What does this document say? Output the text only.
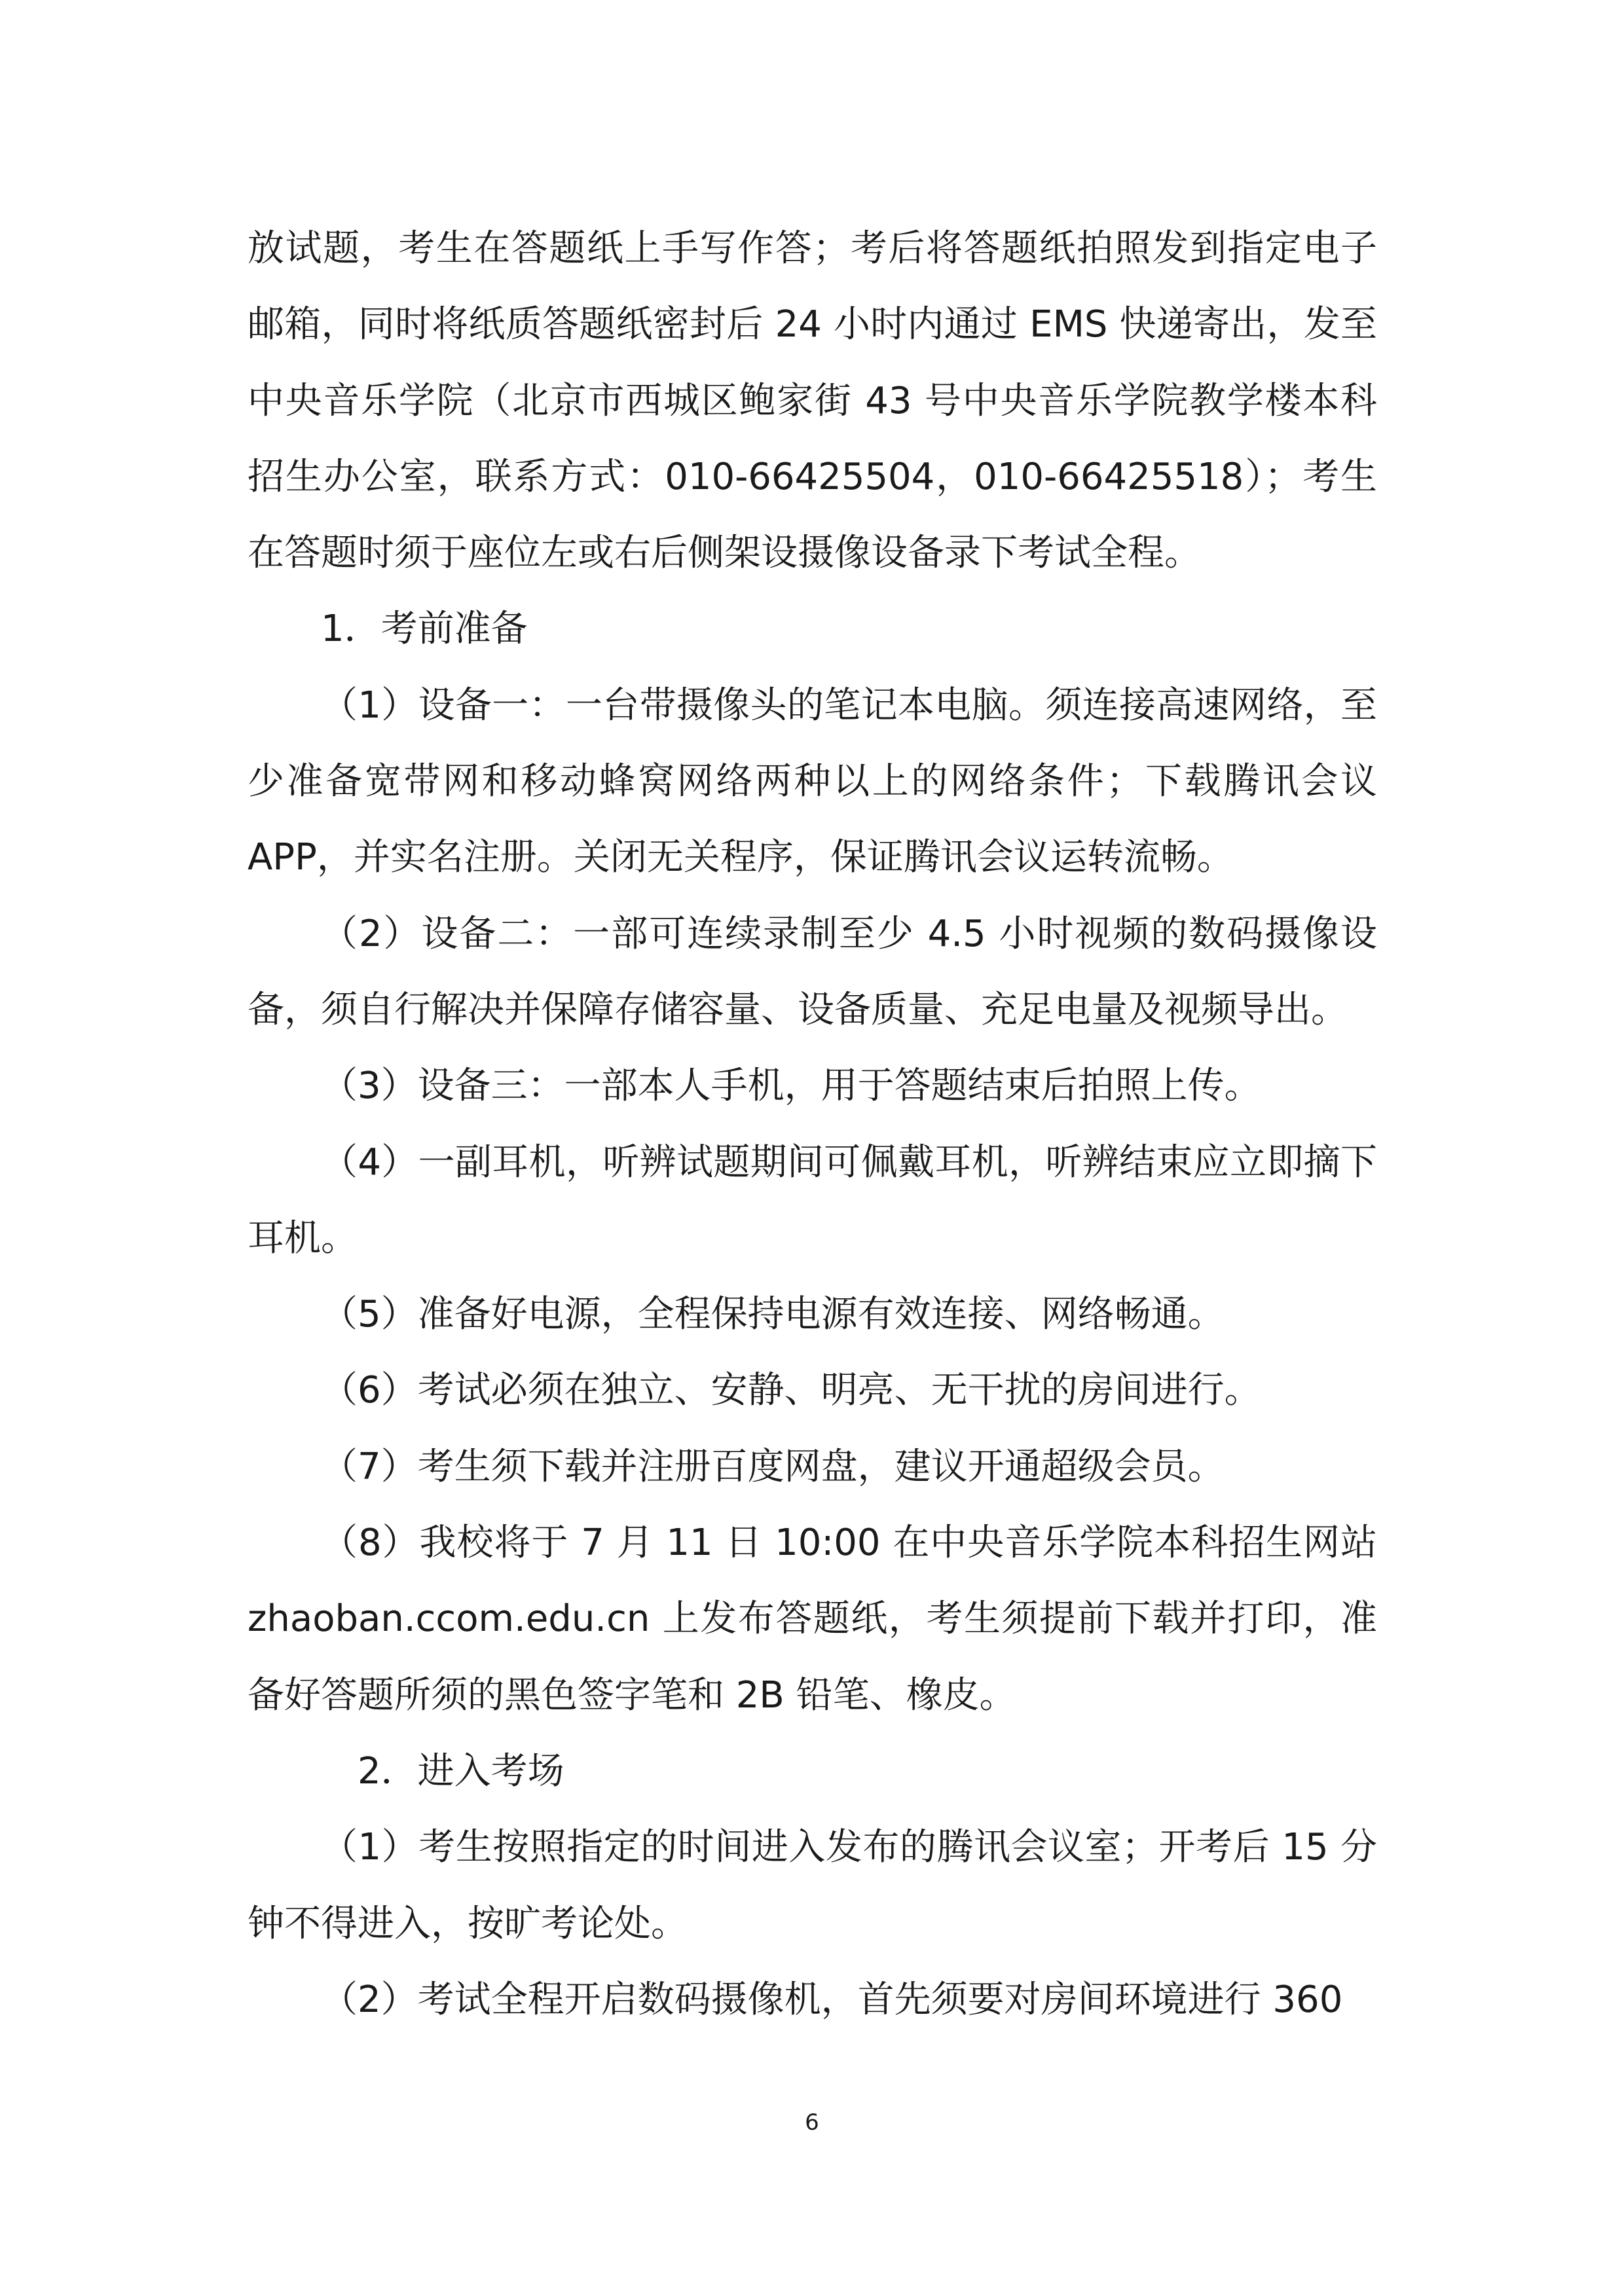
放试题，考生在答题纸上手写作答；考后将答题纸拍照发到指定电子邮箱，同时将纸质答题纸密封后 24 小时内通过 EMS 快递寄出，发至中央音乐学院（北京市西城区鲍家街 43 号中央音乐学院教学楼本科招生办公室，联系方式：010-66425504，010-66425518）；考生在答题时须于座位左或右后侧架设摄像设备录下考试全程。

1．考前准备

（1）设备一：一台带摄像头的笔记本电脑。须连接高速网络，至少准备宽带网和移动蜂窝网络两种以上的网络条件；下载腾讯会议 APP，并实名注册。关闭无关程序，保证腾讯会议运转流畅。

（2）设备二：一部可连续录制至少 4.5 小时视频的数码摄像设备，须自行解决并保障存储容量、设备质量、充足电量及视频导出。

（3）设备三：一部本人手机，用于答题结束后拍照上传。

（4）一副耳机，听辨试题期间可佩戴耳机，听辨结束应立即摘下耳机。

（5）准备好电源，全程保持电源有效连接、网络畅通。

（6）考试必须在独立、安静、明亮、无干扰的房间进行。

（7）考生须下载并注册百度网盘，建议开通超级会员。

（8）我校将于 7 月 11 日 10:00 在中央音乐学院本科招生网站 zhaoban.ccom.edu.cn 上发布答题纸，考生须提前下载并打印，准备好答题所须的黑色签字笔和 2B 铅笔、橡皮。

2．进入考场

（1）考生按照指定的时间进入发布的腾讯会议室；开考后 15 分钟不得进入，按旷考论处。

（2）考试全程开启数码摄像机，首先须要对房间环境进行 360

6
